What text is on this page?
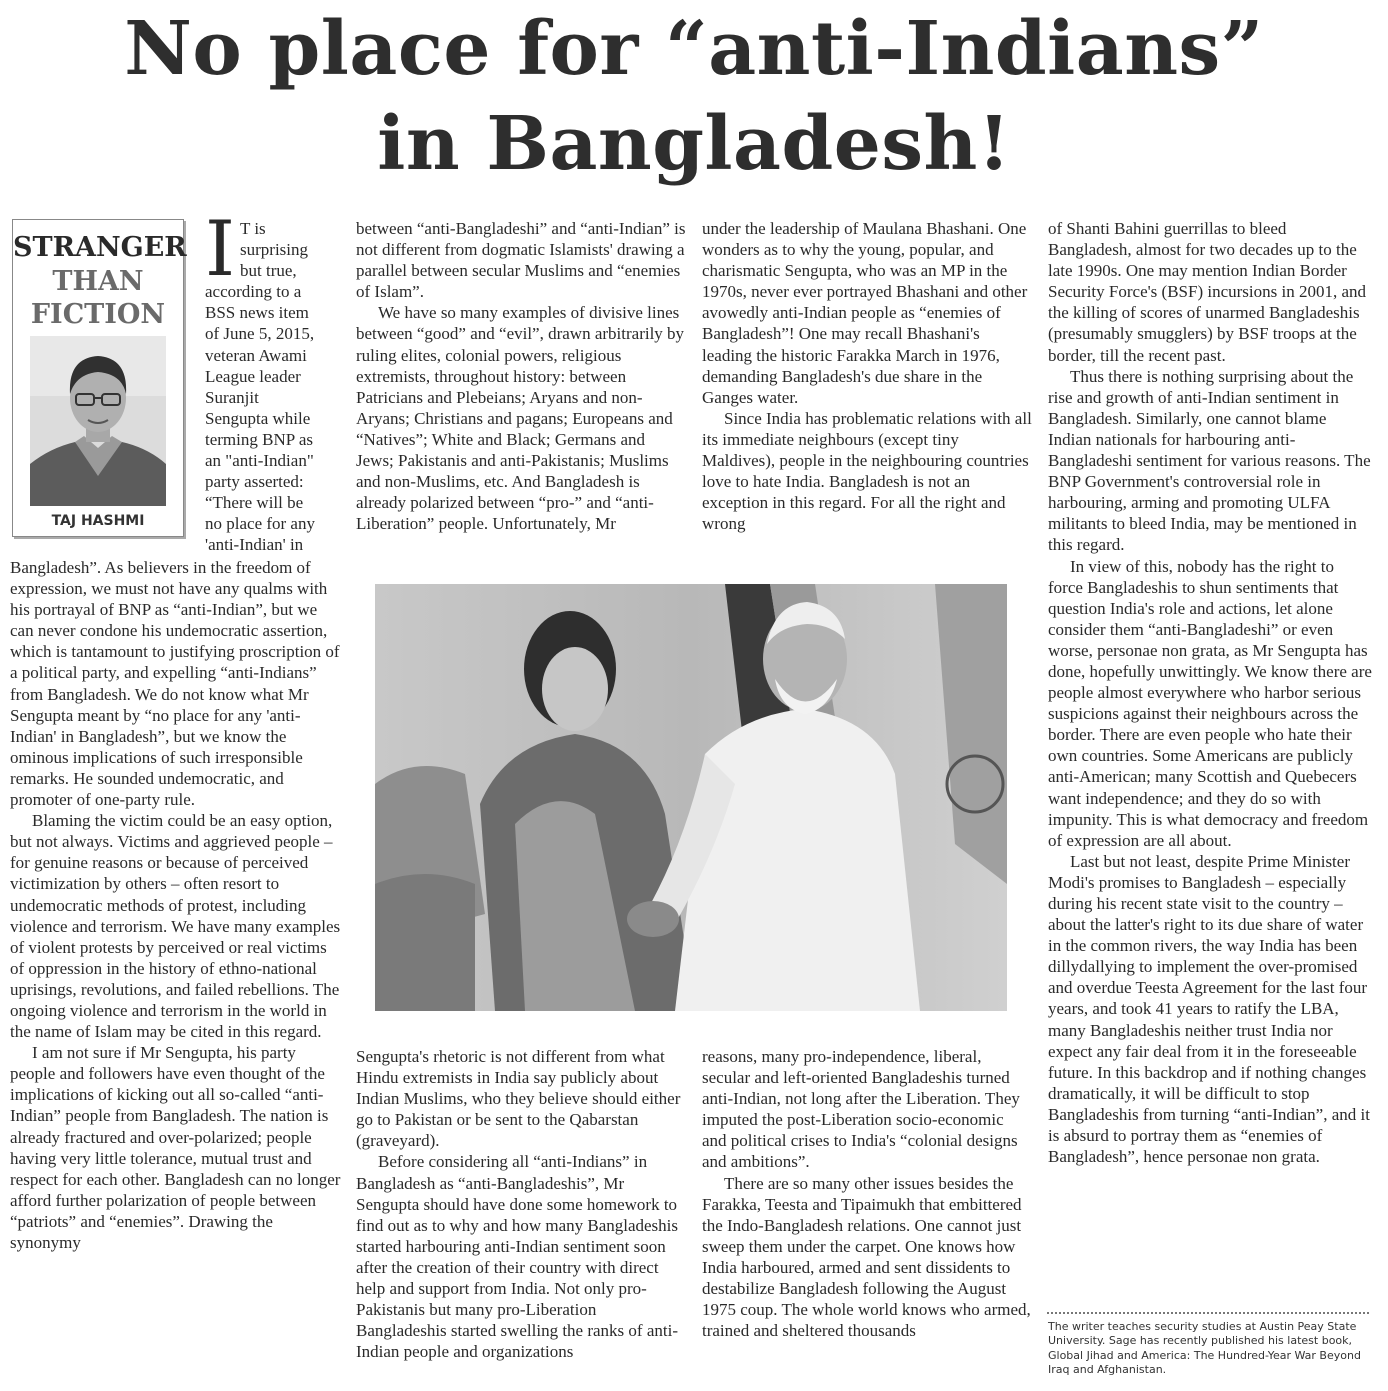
No place for “anti-Indians”
in Bangladesh!
STRANGER
THAN
FICTION
TAJ HASHMI
I T is
surprising
but true,
according to a
BSS news item
of June 5, 2015,
veteran Awami
League leader
Suranjit
Sengupta while
terming BNP as
an "anti-Indian"
party asserted:
“There will be
no place for any
'anti-Indian' in

Bangladesh”. As believers in the freedom of expression, we must not have any qualms with his portrayal of BNP as “anti-Indian”, but we can never condone his undemocratic assertion, which is tantamount to justifying proscription of a political party, and expelling “anti-Indians” from Bangladesh. We do not know what Mr Sengupta meant by “no place for any 'anti-Indian' in Bangladesh”, but we know the ominous implications of such irresponsible remarks. He sounded undemocratic, and promoter of one-party rule.

Blaming the victim could be an easy option, but not always. Victims and aggrieved people – for genuine reasons or because of perceived victimization by others – often resort to undemocratic methods of protest, including violence and terrorism. We have many examples of violent protests by perceived or real victims of oppression in the history of ethno-national uprisings, revolutions, and failed rebellions. The ongoing violence and terrorism in the world in the name of Islam may be cited in this regard.

I am not sure if Mr Sengupta, his party people and followers have even thought of the implications of kicking out all so-called “anti-Indian” people from Bangladesh. The nation is already fractured and over-polarized; people having very little tolerance, mutual trust and respect for each other. Bangladesh can no longer afford further polarization of people between “patriots” and “enemies”. Drawing the synonymy

between “anti-Bangladeshi” and “anti-Indian” is not different from dogmatic Islamists' drawing a parallel between secular Muslims and “enemies of Islam”.

We have so many examples of divisive lines between “good” and “evil”, drawn arbitrarily by ruling elites, colonial powers, religious extremists, throughout history: between Patricians and Plebeians; Aryans and non-Aryans; Christians and pagans; Europeans and “Natives”; White and Black; Germans and Jews; Pakistanis and anti-Pakistanis; Muslims and non-Muslims, etc. And Bangladesh is already polarized between “pro-” and “anti-Liberation” people. Unfortunately, Mr

under the leadership of Maulana Bhashani. One wonders as to why the young, popular, and charismatic Sengupta, who was an MP in the 1970s, never ever portrayed Bhashani and other avowedly anti-Indian people as “enemies of Bangladesh”! One may recall Bhashani's leading the historic Farakka March in 1976, demanding Bangladesh's due share in the Ganges water.

Since India has problematic relations with all its immediate neighbours (except tiny Maldives), people in the neighbouring countries love to hate India. Bangladesh is not an exception in this regard. For all the right and wrong

Sengupta's rhetoric is not different from what Hindu extremists in India say publicly about Indian Muslims, who they believe should either go to Pakistan or be sent to the Qabarstan (graveyard).

Before considering all “anti-Indians” in Bangladesh as “anti-Bangladeshis”, Mr Sengupta should have done some homework to find out as to why and how many Bangladeshis started harbouring anti-Indian sentiment soon after the creation of their country with direct help and support from India. Not only pro-Pakistanis but many pro-Liberation Bangladeshis started swelling the ranks of anti-Indian people and organizations

reasons, many pro-independence, liberal, secular and left-oriented Bangladeshis turned anti-Indian, not long after the Liberation. They imputed the post-Liberation socio-economic and political crises to India's “colonial designs and ambitions”.

There are so many other issues besides the Farakka, Teesta and Tipaimukh that embittered the Indo-Bangladesh relations. One cannot just sweep them under the carpet. One knows how India harboured, armed and sent dissidents to destabilize Bangladesh following the August 1975 coup. The whole world knows who armed, trained and sheltered thousands

of Shanti Bahini guerrillas to bleed Bangladesh, almost for two decades up to the late 1990s. One may mention Indian Border Security Force's (BSF) incursions in 2001, and the killing of scores of unarmed Bangladeshis (presumably smugglers) by BSF troops at the border, till the recent past.

Thus there is nothing surprising about the rise and growth of anti-Indian sentiment in Bangladesh. Similarly, one cannot blame Indian nationals for harbouring anti-Bangladeshi sentiment for various reasons. The BNP Government's controversial role in harbouring, arming and promoting ULFA militants to bleed India, may be mentioned in this regard.

In view of this, nobody has the right to force Bangladeshis to shun sentiments that question India's role and actions, let alone consider them “anti-Bangladeshi” or even worse, personae non grata, as Mr Sengupta has done, hopefully unwittingly. We know there are people almost everywhere who harbor serious suspicions against their neighbours across the border. There are even people who hate their own countries. Some Americans are publicly anti-American; many Scottish and Quebecers want independence; and they do so with impunity. This is what democracy and freedom of expression are all about.

Last but not least, despite Prime Minister Modi's promises to Bangladesh – especially during his recent state visit to the country – about the latter's right to its due share of water in the common rivers, the way India has been dillydallying to implement the over-promised and overdue Teesta Agreement for the last four years, and took 41 years to ratify the LBA, many Bangladeshis neither trust India nor expect any fair deal from it in the foreseeable future. In this backdrop and if nothing changes dramatically, it will be difficult to stop Bangladeshis from turning “anti-Indian”, and it is absurd to portray them as “enemies of Bangladesh”, hence personae non grata.

The writer teaches security studies at Austin Peay State University. Sage has recently published his latest book, Global Jihad and America: The Hundred-Year War Beyond Iraq and Afghanistan.
